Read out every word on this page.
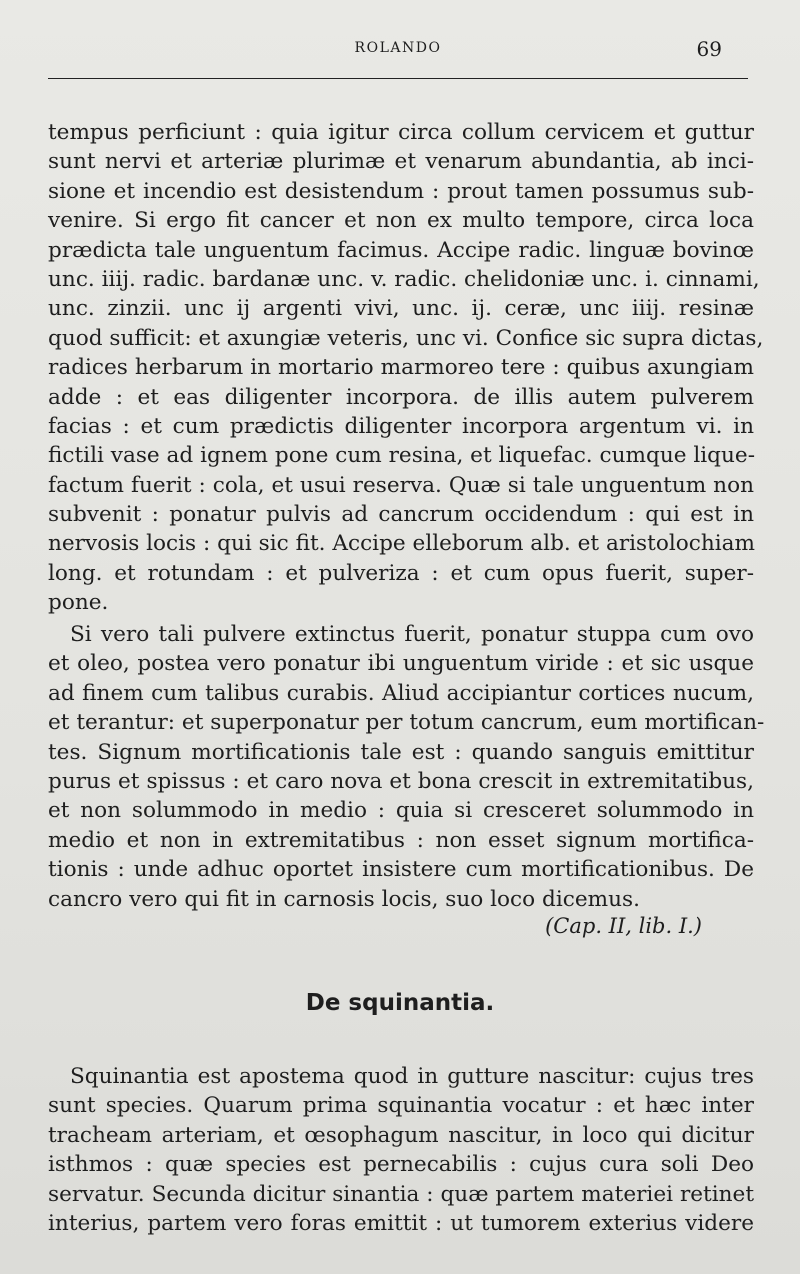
ROLANDO	69
tempus perficiunt : quia igitur circa collum cervicem et guttur
sunt nervi et arteriæ plurimæ et venarum abundantia, ab inci-
sione et incendio est desistendum : prout tamen possumus sub-
venire. Si ergo fit cancer et non ex multo tempore, circa loca
prædicta tale unguentum facimus. Accipe radic. linguæ bovinœ
unc. iiij. radic. bardanæ unc. v. radic. chelidoniæ unc. i. cinnami,
unc. zinzii. unc ij argenti vivi, unc. ij. ceræ, unc iiij. resinæ
quod sufficit: et axungiæ veteris, unc vi. Confice sic supra dictas,
radices herbarum in mortario marmoreo tere : quibus axungiam
adde : et eas diligenter incorpora. de illis autem pulverem
facias : et cum prædictis diligenter incorpora argentum vi. in
fictili vase ad ignem pone cum resina, et liquefac. cumque lique-
factum fuerit : cola, et usui reserva. Quæ si tale unguentum non
subvenit : ponatur pulvis ad cancrum occidendum : qui est in
nervosis locis : qui sic fit. Accipe elleborum alb. et aristolochiam
long. et rotundam : et pulveriza : et cum opus fuerit, super-
pone.
Si vero tali pulvere extinctus fuerit, ponatur stuppa cum ovo
et oleo, postea vero ponatur ibi unguentum viride : et sic usque
ad finem cum talibus curabis. Aliud accipiantur cortices nucum,
et terantur: et superponatur per totum cancrum, eum mortifican-
tes. Signum mortificationis tale est : quando sanguis emittitur
purus et spissus : et caro nova et bona crescit in extremitatibus,
et non solummodo in medio : quia si cresceret solummodo in
medio et non in extremitatibus : non esset signum mortifica-
tionis : unde adhuc oportet insistere cum mortificationibus. De
cancro vero qui fit in carnosis locis, suo loco dicemus.
(Cap. II, lib. I.)
De squinantia.
Squinantia est apostema quod in gutture nascitur: cujus tres
sunt species. Quarum prima squinantia vocatur : et hæc inter
tracheam arteriam, et œsophagum nascitur, in loco qui dicitur
isthmos : quæ species est pernecabilis : cujus cura soli Deo
servatur. Secunda dicitur sinantia : quæ partem materiei retinet
interius, partem vero foras emittit : ut tumorem exterius videre
